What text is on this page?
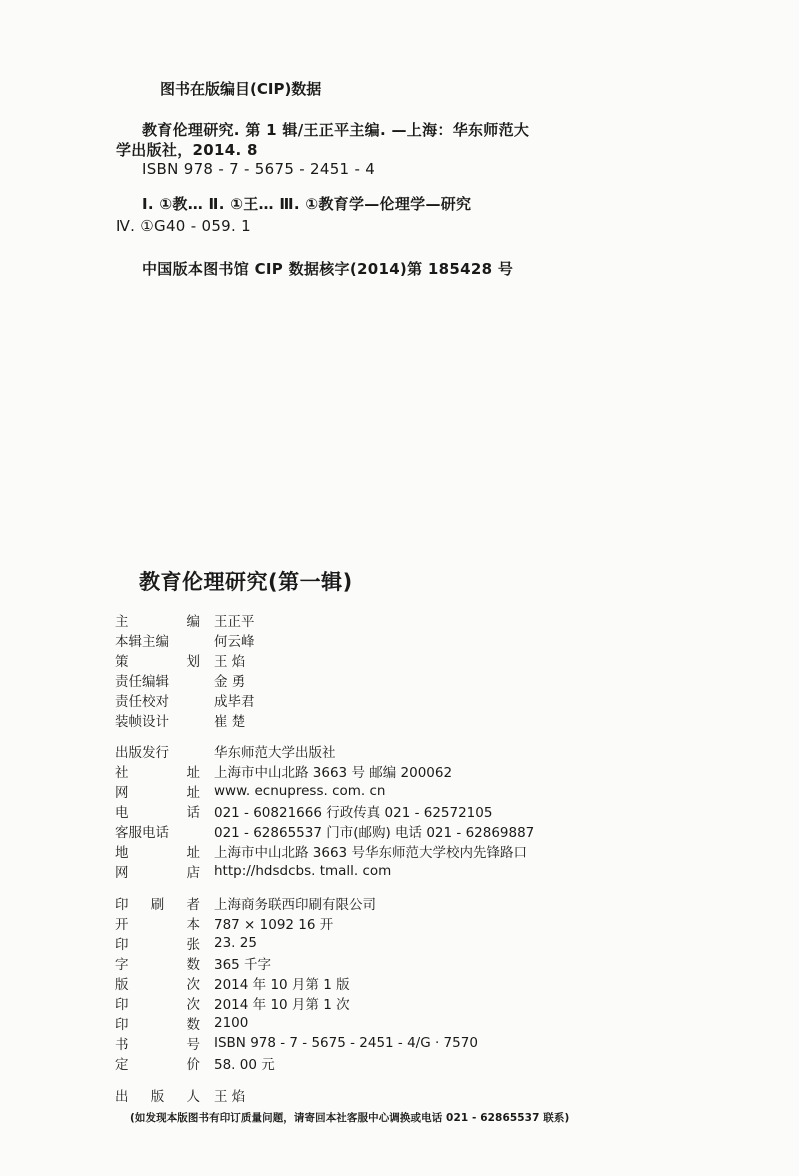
图书在版编目(CIP)数据
教育伦理研究. 第 1 辑/王正平主编. —上海：华东师范大
学出版社，2014. 8
ISBN 978 - 7 - 5675 - 2451 - 4
Ⅰ. ①教… Ⅱ. ①王… Ⅲ. ①教育学—伦理学—研究
Ⅳ. ①G40 - 059. 1
中国版本图书馆 CIP 数据核字(2014)第 185428 号
教育伦理研究(第一辑)
主	编 王正平
本辑主编	何云峰
策	划 王 焰
责任编辑	金 勇
责任校对	成毕君
装帧设计	崔 楚
出版发行	华东师范大学出版社
社	址 上海市中山北路 3663 号 邮编 200062
网	址 www. ecnupress. com. cn
电	话 021 - 60821666 行政传真 021 - 62572105
客服电话	021 - 62865537 门市(邮购) 电话 021 - 62869887
地	址 上海市中山北路 3663 号华东师范大学校内先锋路口
网	店 http://hdsdcbs. tmall. com
印 刷 者 上海商务联西印刷有限公司
开	本 787 × 1092 16 开
印	张 23. 25
字	数 365 千字
版	次 2014 年 10 月第 1 版
印	次 2014 年 10 月第 1 次
印	数 2100
书	号 ISBN 978 - 7 - 5675 - 2451 - 4/G · 7570
定	价 58. 00 元
出 版 人 王 焰
(如发现本版图书有印订质量问题，请寄回本社客服中心调换或电话 021 - 62865537 联系)
